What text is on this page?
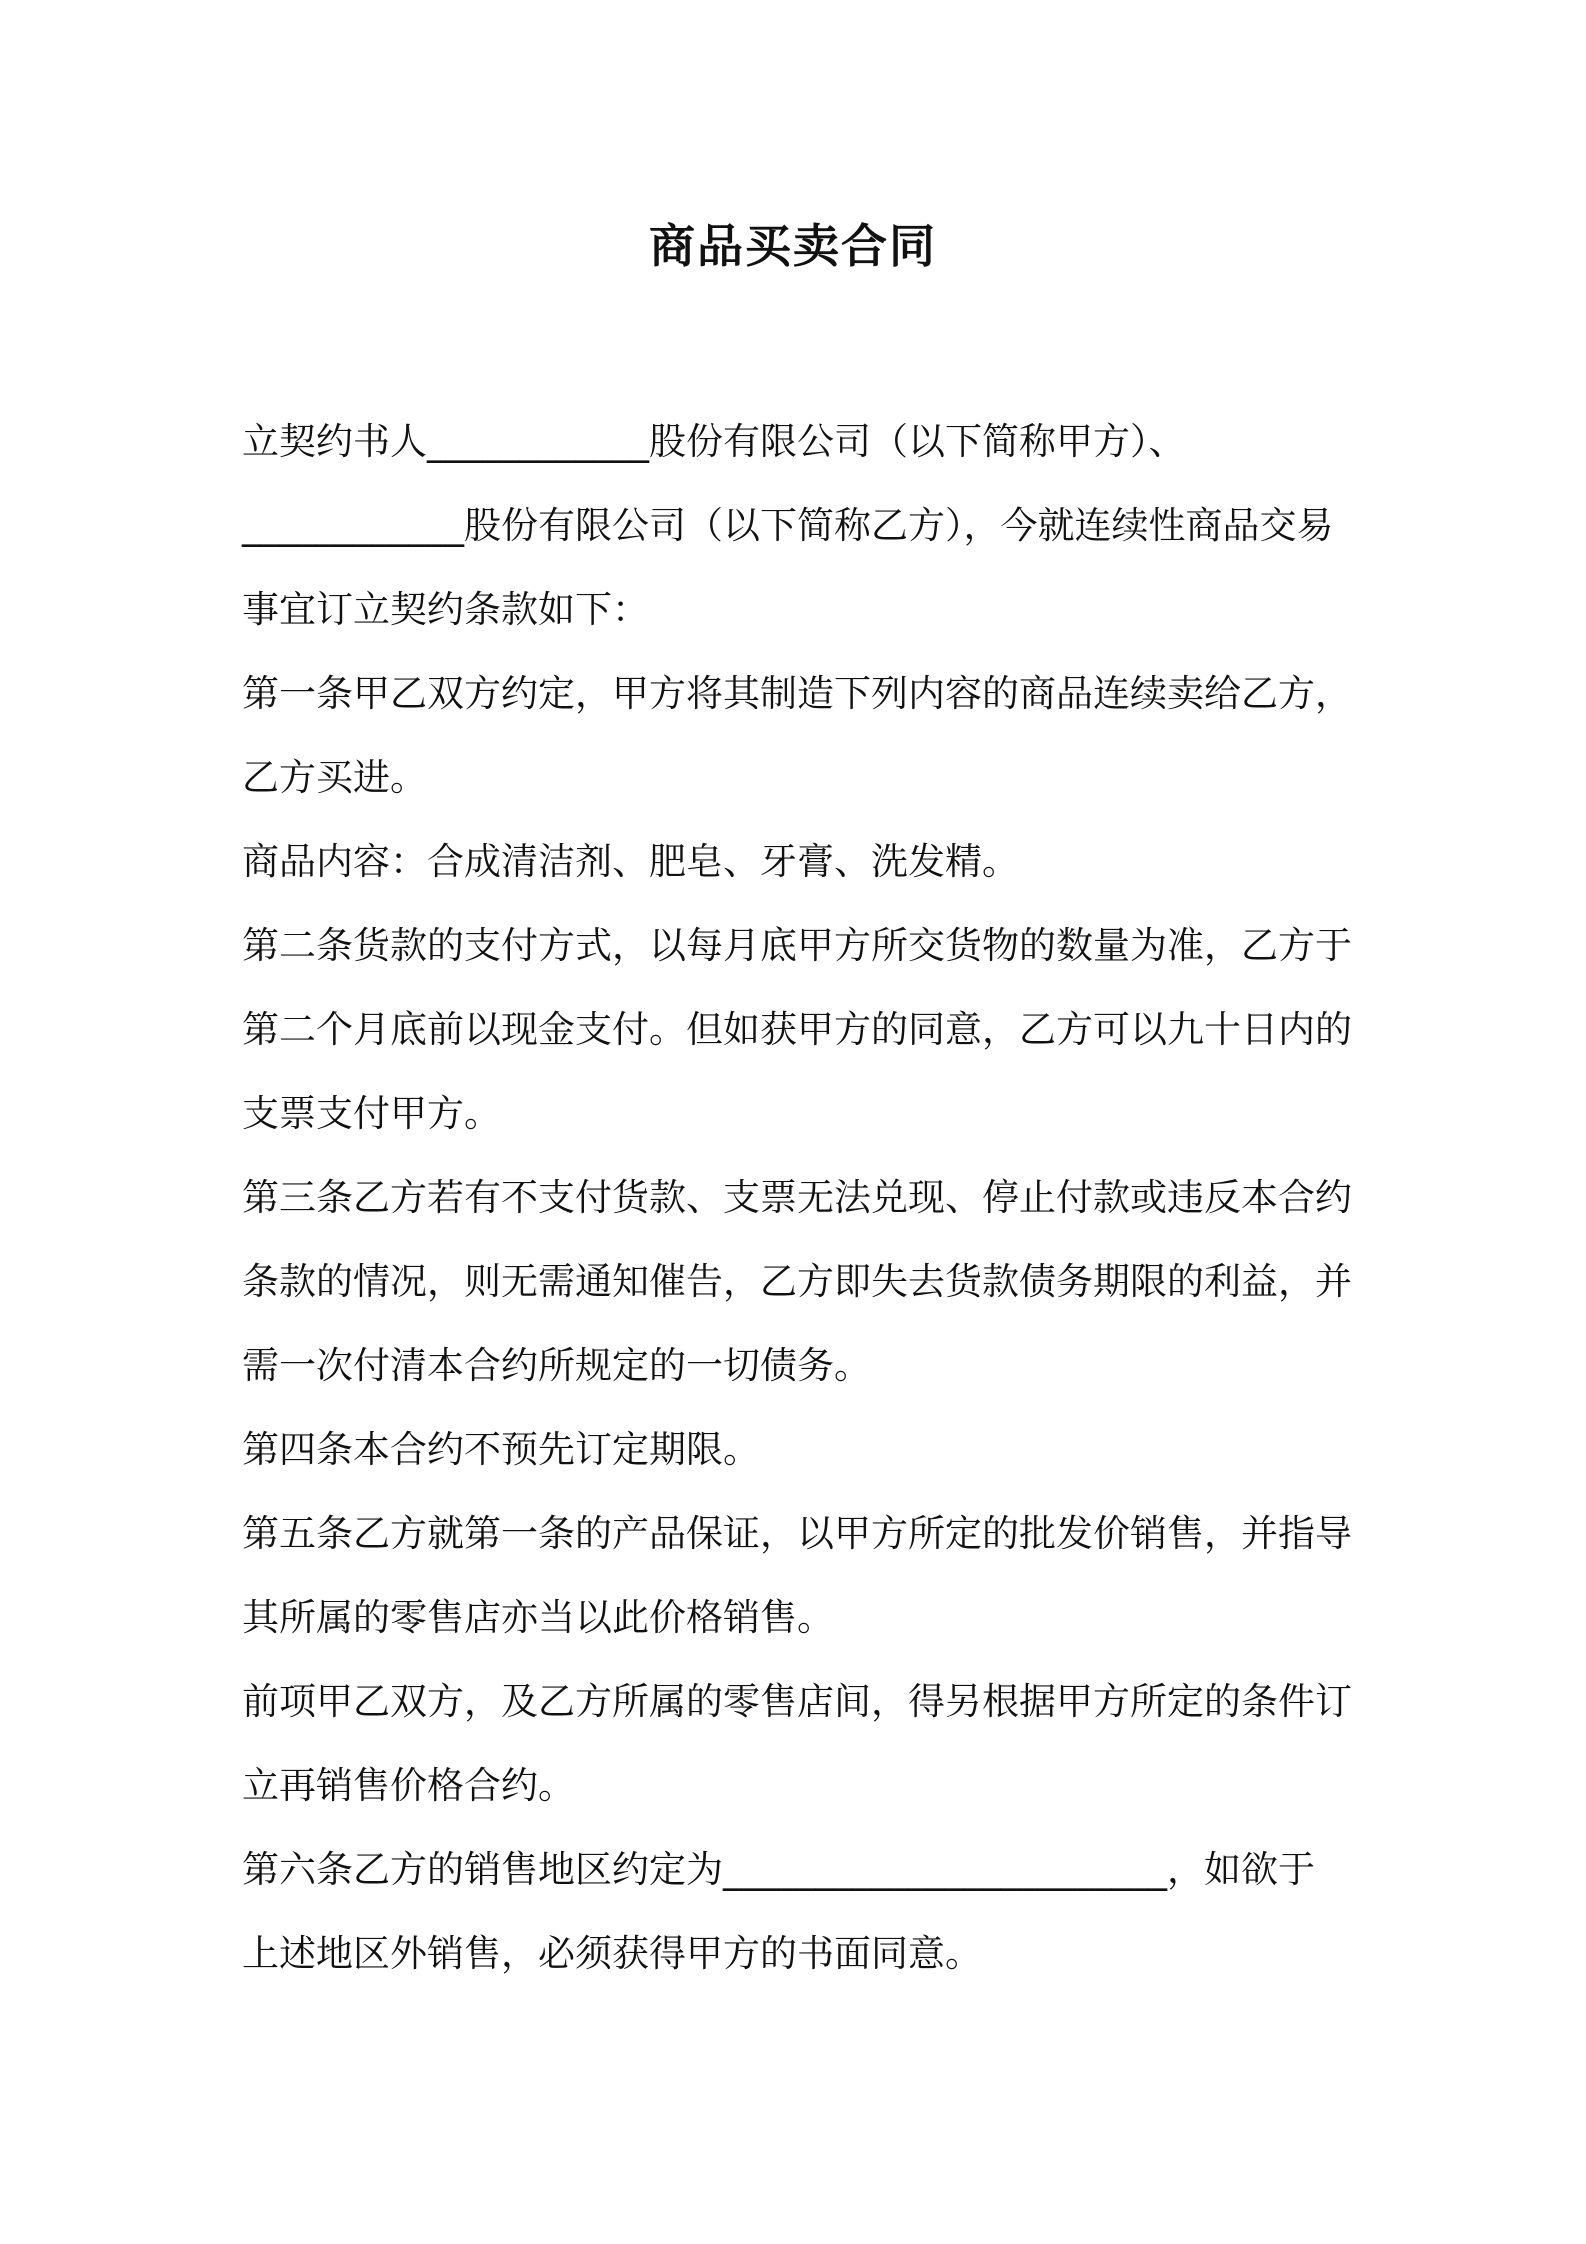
商品买卖合同
立契约书人____________股份有限公司（以下简称甲方）、
____________股份有限公司（以下简称乙方），今就连续性商品交易
事宜订立契约条款如下：
第一条甲乙双方约定，甲方将其制造下列内容的商品连续卖给乙方，
乙方买进。
商品内容：合成清洁剂、肥皂、牙膏、洗发精。
第二条货款的支付方式，以每月底甲方所交货物的数量为准，乙方于
第二个月底前以现金支付。但如获甲方的同意，乙方可以九十日内的
支票支付甲方。
第三条乙方若有不支付货款、支票无法兑现、停止付款或违反本合约
条款的情况，则无需通知催告，乙方即失去货款债务期限的利益，并
需一次付清本合约所规定的一切债务。
第四条本合约不预先订定期限。
第五条乙方就第一条的产品保证，以甲方所定的批发价销售，并指导
其所属的零售店亦当以此价格销售。
前项甲乙双方，及乙方所属的零售店间，得另根据甲方所定的条件订
立再销售价格合约。
第六条乙方的销售地区约定为________________________，如欲于
上述地区外销售，必须获得甲方的书面同意。
